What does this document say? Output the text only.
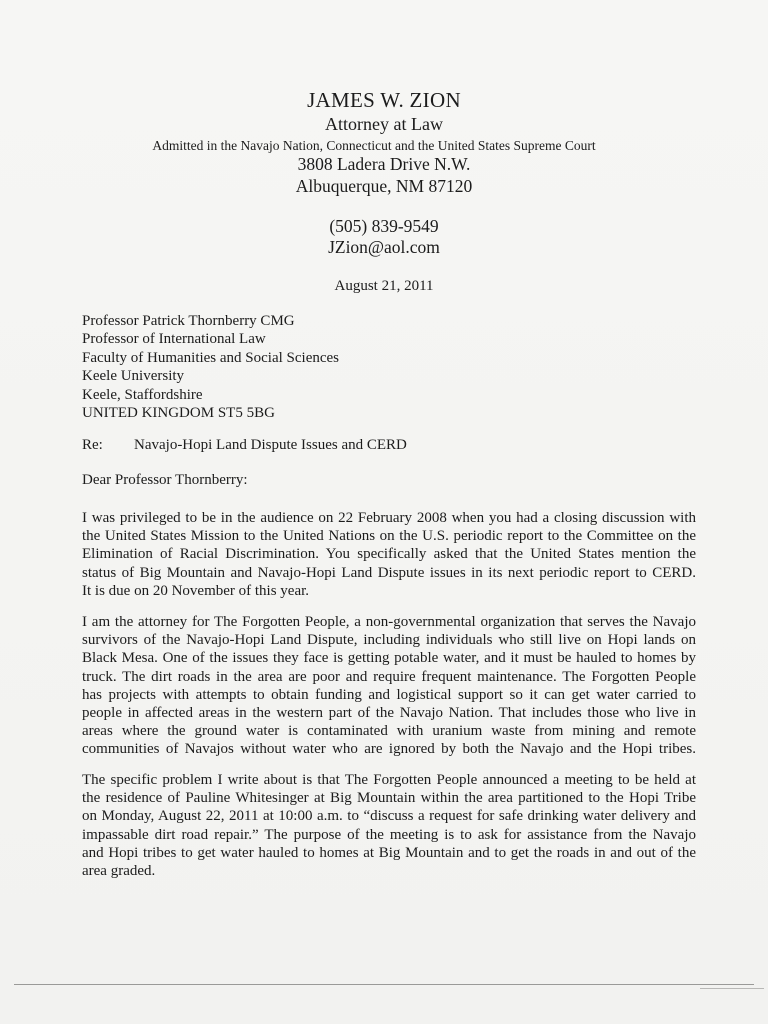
JAMES W. ZION
Attorney at Law
Admitted in the Navajo Nation, Connecticut and the United States Supreme Court
3808 Ladera Drive N.W.
Albuquerque, NM 87120
(505) 839-9549
JZion@aol.com
August 21, 2011
Professor Patrick Thornberry CMG
Professor of International Law
Faculty of Humanities and Social Sciences
Keele University
Keele, Staffordshire
UNITED KINGDOM ST5 5BG
Re: Navajo-Hopi Land Dispute Issues and CERD
Dear Professor Thornberry:
I was privileged to be in the audience on 22 February 2008 when you had a closing discussion with
the United States Mission to the United Nations on the U.S. periodic report to the Committee on the
Elimination of Racial Discrimination. You specifically asked that the United States mention the
status of Big Mountain and Navajo-Hopi Land Dispute issues in its next periodic report to CERD.
It is due on 20 November of this year.
I am the attorney for The Forgotten People, a non-governmental organization that serves the Navajo
survivors of the Navajo-Hopi Land Dispute, including individuals who still live on Hopi lands on
Black Mesa. One of the issues they face is getting potable water, and it must be hauled to homes by
truck. The dirt roads in the area are poor and require frequent maintenance. The Forgotten People
has projects with attempts to obtain funding and logistical support so it can get water carried to
people in affected areas in the western part of the Navajo Nation. That includes those who live in
areas where the ground water is contaminated with uranium waste from mining and remote
communities of Navajos without water who are ignored by both the Navajo and the Hopi tribes.
The specific problem I write about is that The Forgotten People announced a meeting to be held at
the residence of Pauline Whitesinger at Big Mountain within the area partitioned to the Hopi Tribe
on Monday, August 22, 2011 at 10:00 a.m. to “discuss a request for safe drinking water delivery and
impassable dirt road repair.” The purpose of the meeting is to ask for assistance from the Navajo
and Hopi tribes to get water hauled to homes at Big Mountain and to get the roads in and out of the
area graded.
